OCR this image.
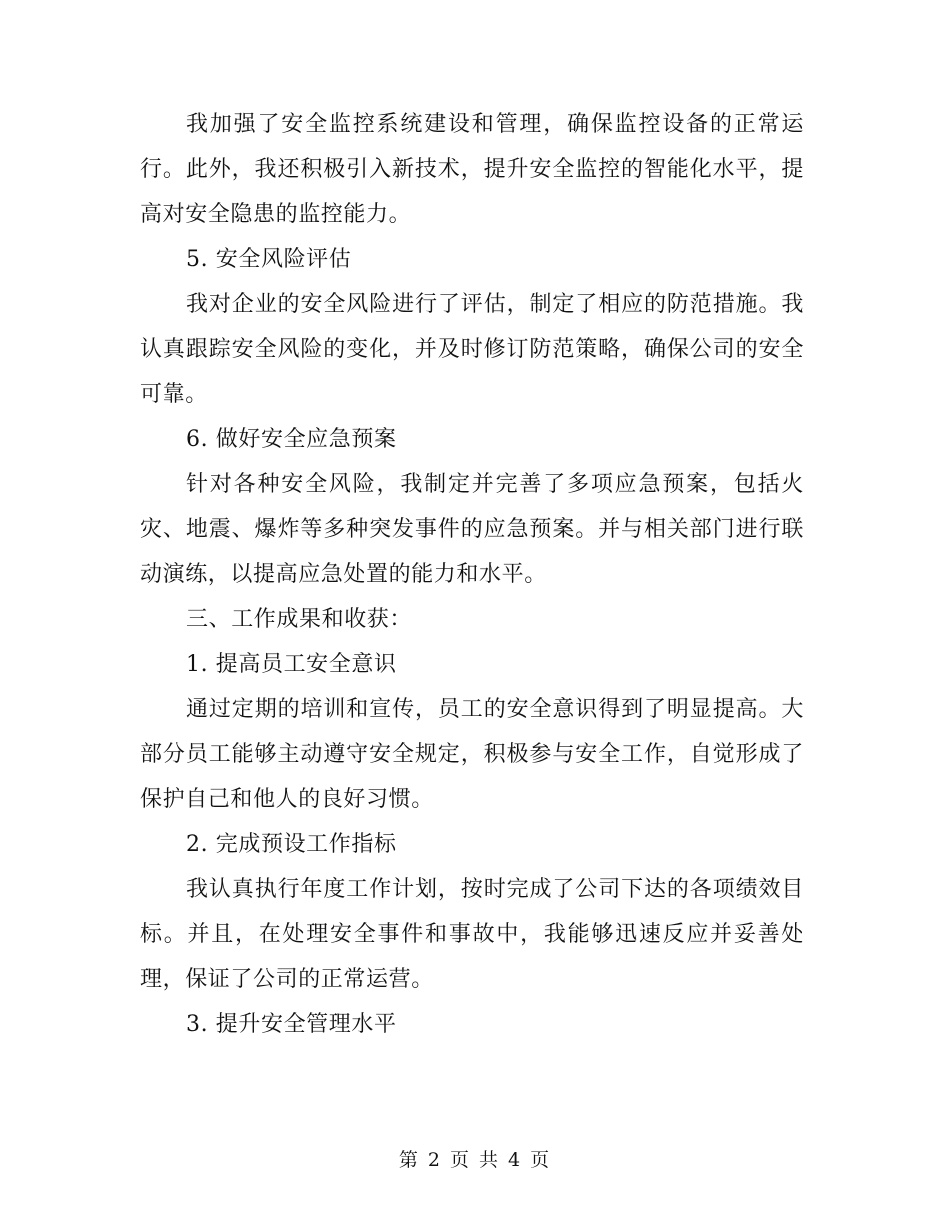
我加强了安全监控系统建设和管理，确保监控设备的正常运行。此外，我还积极引入新技术，提升安全监控的智能化水平，提高对安全隐患的监控能力。

5. 安全风险评估

我对企业的安全风险进行了评估，制定了相应的防范措施。我认真跟踪安全风险的变化，并及时修订防范策略，确保公司的安全可靠。

6. 做好安全应急预案

针对各种安全风险，我制定并完善了多项应急预案，包括火灾、地震、爆炸等多种突发事件的应急预案。并与相关部门进行联动演练，以提高应急处置的能力和水平。

三、工作成果和收获：

1. 提高员工安全意识

通过定期的培训和宣传，员工的安全意识得到了明显提高。大部分员工能够主动遵守安全规定，积极参与安全工作，自觉形成了保护自己和他人的良好习惯。

2. 完成预设工作指标

我认真执行年度工作计划，按时完成了公司下达的各项绩效目标。并且，在处理安全事件和事故中，我能够迅速反应并妥善处理，保证了公司的正常运营。

3. 提升安全管理水平

第 2 页 共 4 页
